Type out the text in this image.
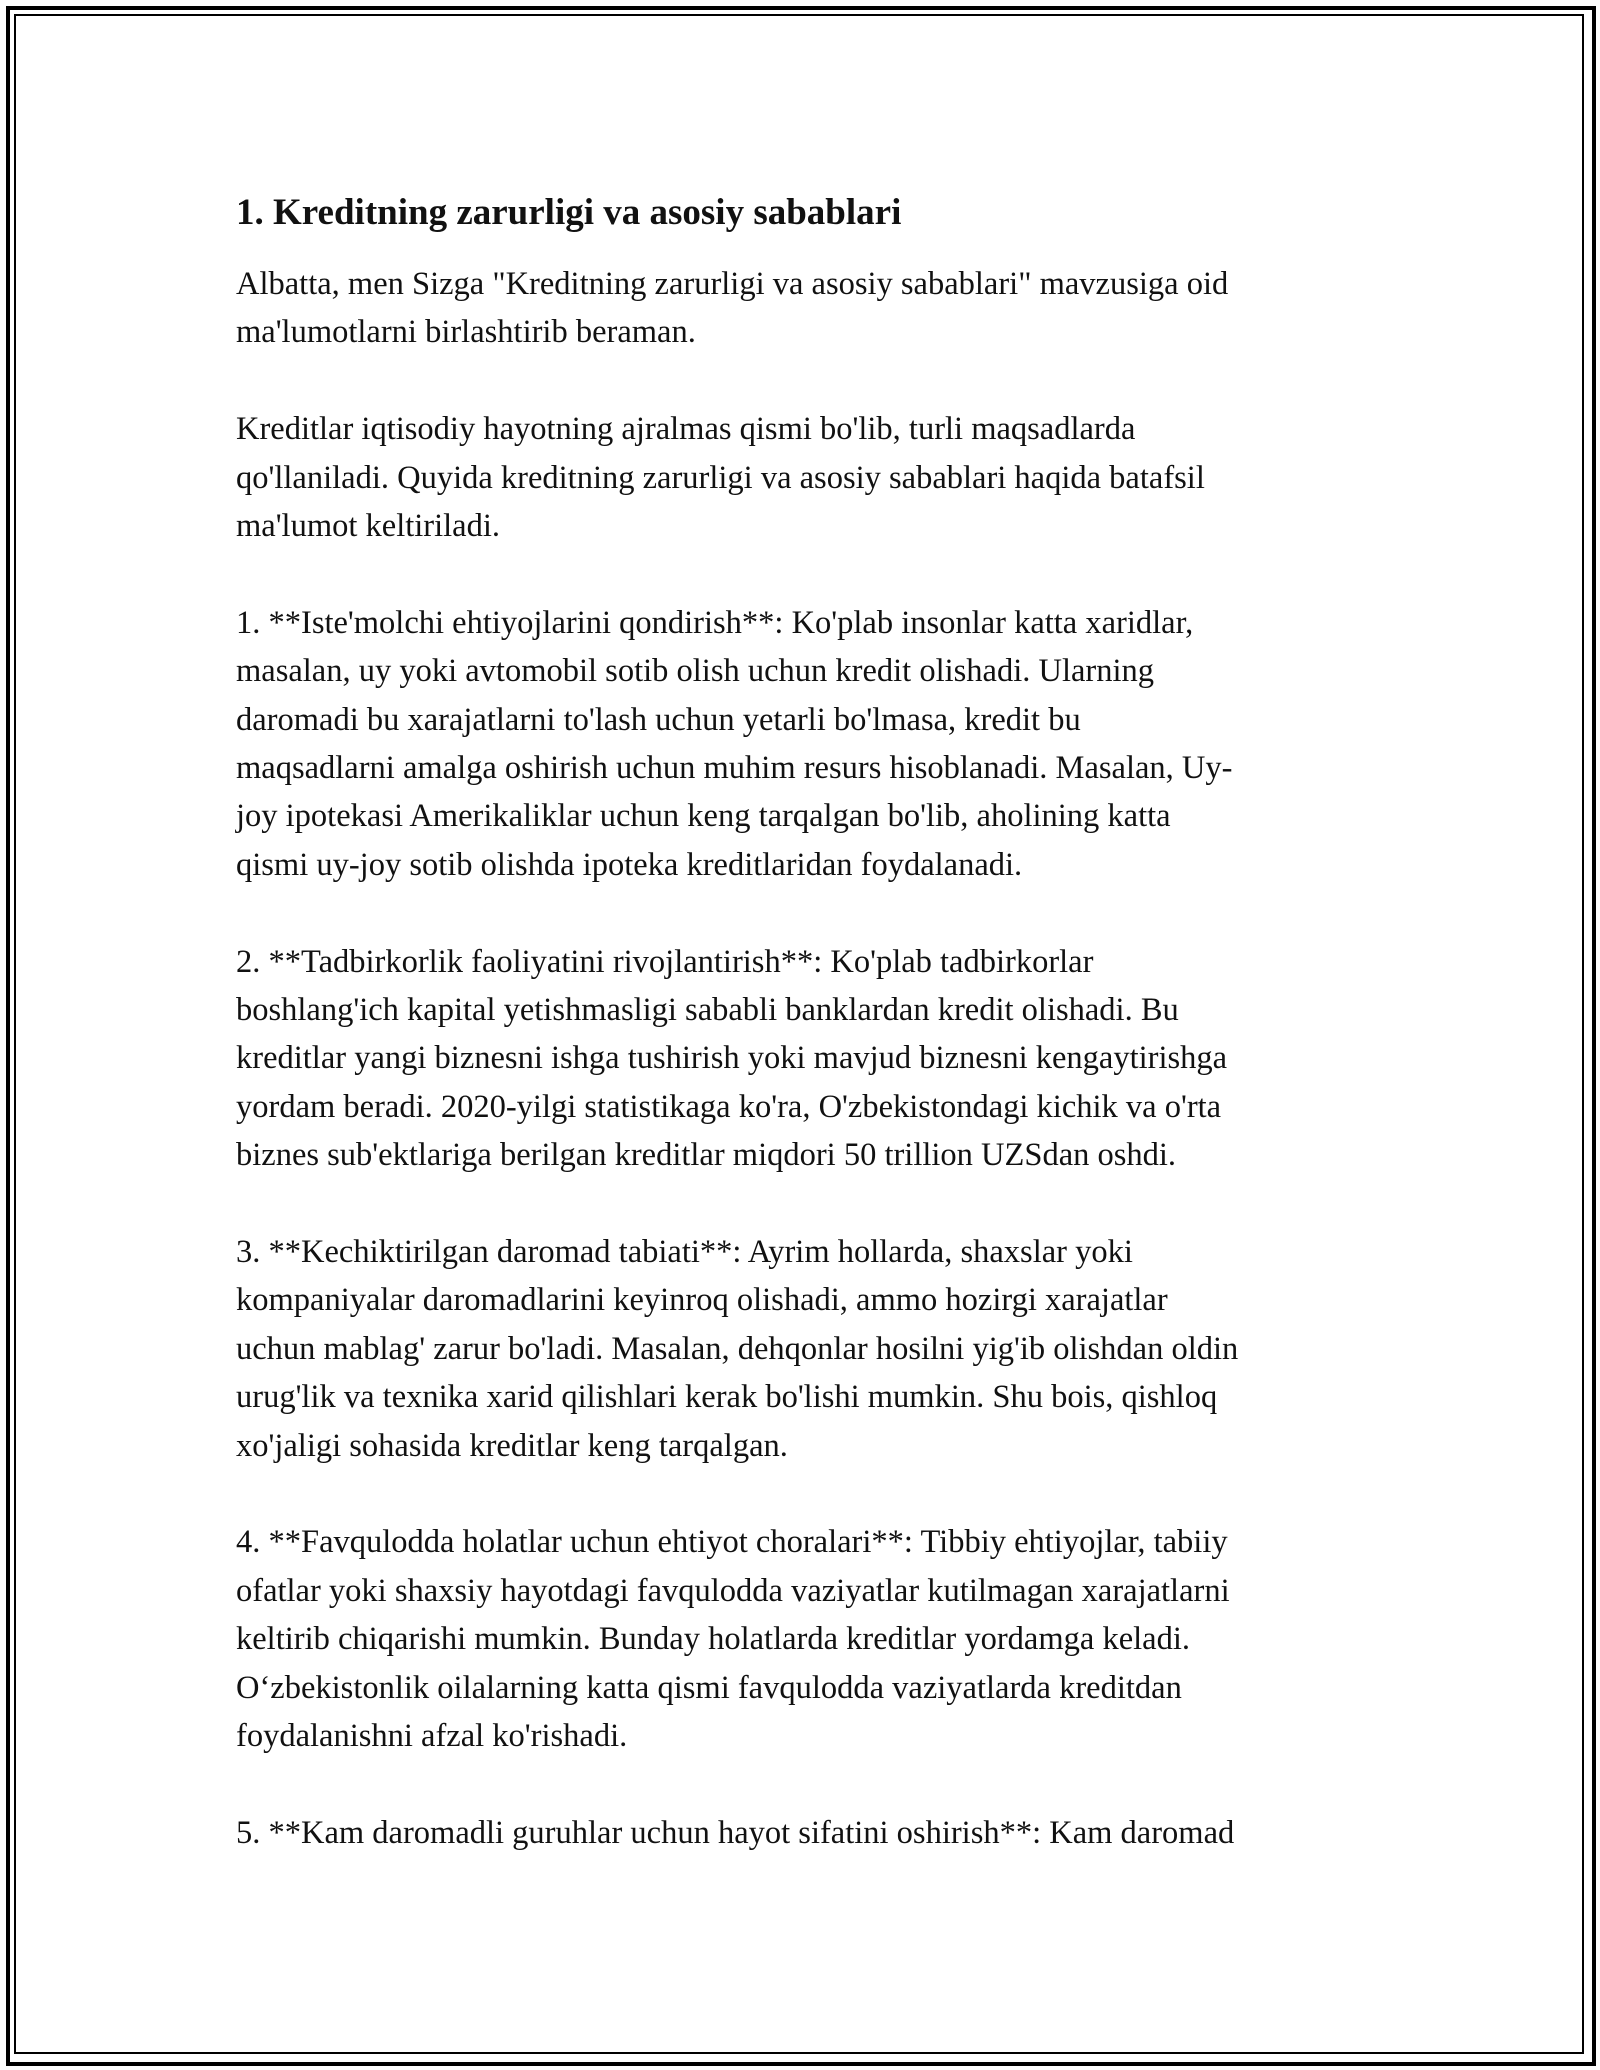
1. Kreditning zarurligi va asosiy sabablari

Albatta, men Sizga "Kreditning zarurligi va asosiy sabablari" mavzusiga oid
ma'lumotlarni birlashtirib beraman.

Kreditlar iqtisodiy hayotning ajralmas qismi bo'lib, turli maqsadlarda
qo'llaniladi. Quyida kreditning zarurligi va asosiy sabablari haqida batafsil
ma'lumot keltiriladi.

1. **Iste'molchi ehtiyojlarini qondirish**: Ko'plab insonlar katta xaridlar,
masalan, uy yoki avtomobil sotib olish uchun kredit olishadi. Ularning
daromadi bu xarajatlarni to'lash uchun yetarli bo'lmasa, kredit bu
maqsadlarni amalga oshirish uchun muhim resurs hisoblanadi. Masalan, Uy-
joy ipotekasi Amerikaliklar uchun keng tarqalgan bo'lib, aholining katta
qismi uy-joy sotib olishda ipoteka kreditlaridan foydalanadi.

2. **Tadbirkorlik faoliyatini rivojlantirish**: Ko'plab tadbirkorlar
boshlang'ich kapital yetishmasligi sababli banklardan kredit olishadi. Bu
kreditlar yangi biznesni ishga tushirish yoki mavjud biznesni kengaytirishga
yordam beradi. 2020-yilgi statistikaga ko'ra, O'zbekistondagi kichik va o'rta
biznes sub'ektlariga berilgan kreditlar miqdori 50 trillion UZSdan oshdi.

3. **Kechiktirilgan daromad tabiati**: Ayrim hollarda, shaxslar yoki
kompaniyalar daromadlarini keyinroq olishadi, ammo hozirgi xarajatlar
uchun mablag' zarur bo'ladi. Masalan, dehqonlar hosilni yig'ib olishdan oldin
urug'lik va texnika xarid qilishlari kerak bo'lishi mumkin. Shu bois, qishloq
xo'jaligi sohasida kreditlar keng tarqalgan.

4. **Favqulodda holatlar uchun ehtiyot choralari**: Tibbiy ehtiyojlar, tabiiy
ofatlar yoki shaxsiy hayotdagi favqulodda vaziyatlar kutilmagan xarajatlarni
keltirib chiqarishi mumkin. Bunday holatlarda kreditlar yordamga keladi.
O‘zbekistonlik oilalarning katta qismi favqulodda vaziyatlarda kreditdan
foydalanishni afzal ko'rishadi.

5. **Kam daromadli guruhlar uchun hayot sifatini oshirish**: Kam daromad
